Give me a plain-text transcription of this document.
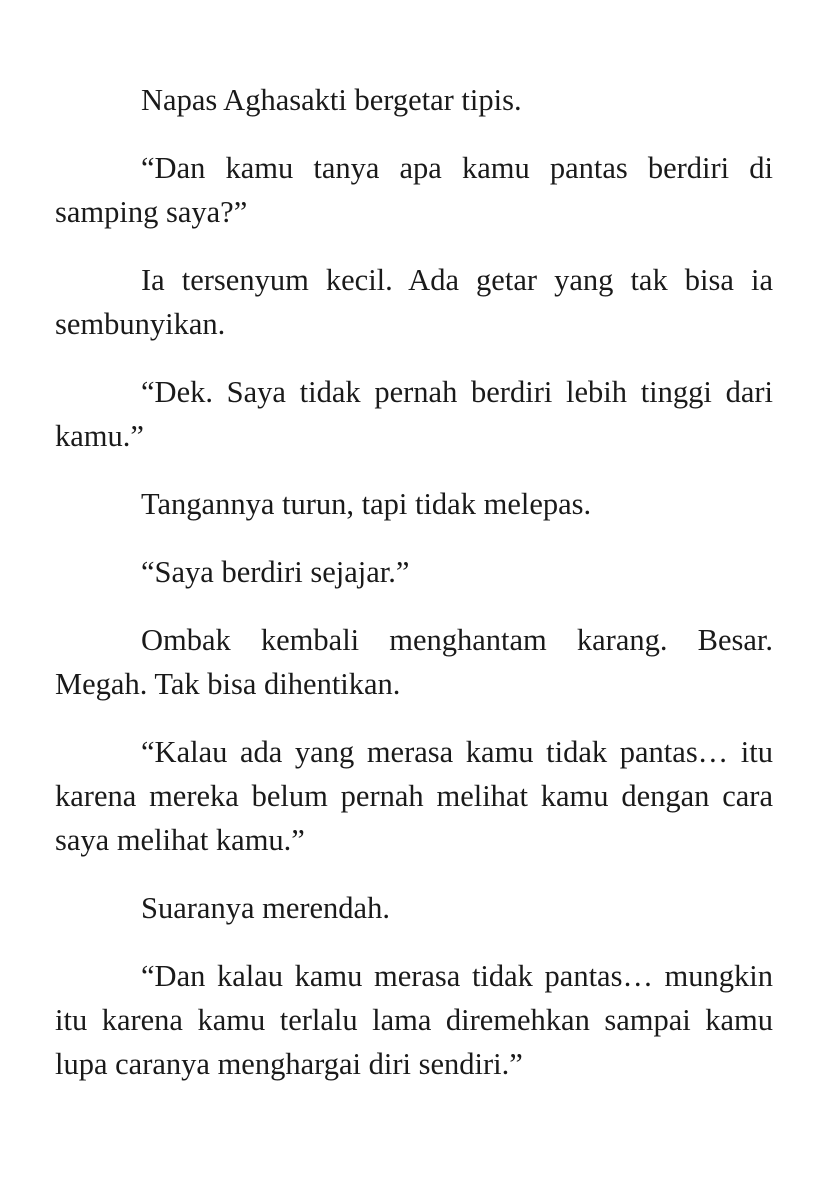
Napas Aghasakti bergetar tipis.

“Dan kamu tanya apa kamu pantas berdiri di samping saya?”

Ia tersenyum kecil. Ada getar yang tak bisa ia sembunyikan.

“Dek. Saya tidak pernah berdiri lebih tinggi dari kamu.”

Tangannya turun, tapi tidak melepas.

“Saya berdiri sejajar.”

Ombak kembali menghantam karang. Besar. Megah. Tak bisa dihentikan.

“Kalau ada yang merasa kamu tidak pantas… itu karena mereka belum pernah melihat kamu dengan cara saya melihat kamu.”

Suaranya merendah.

“Dan kalau kamu merasa tidak pantas… mungkin itu karena kamu terlalu lama diremehkan sampai kamu lupa caranya menghargai diri sendiri.”
